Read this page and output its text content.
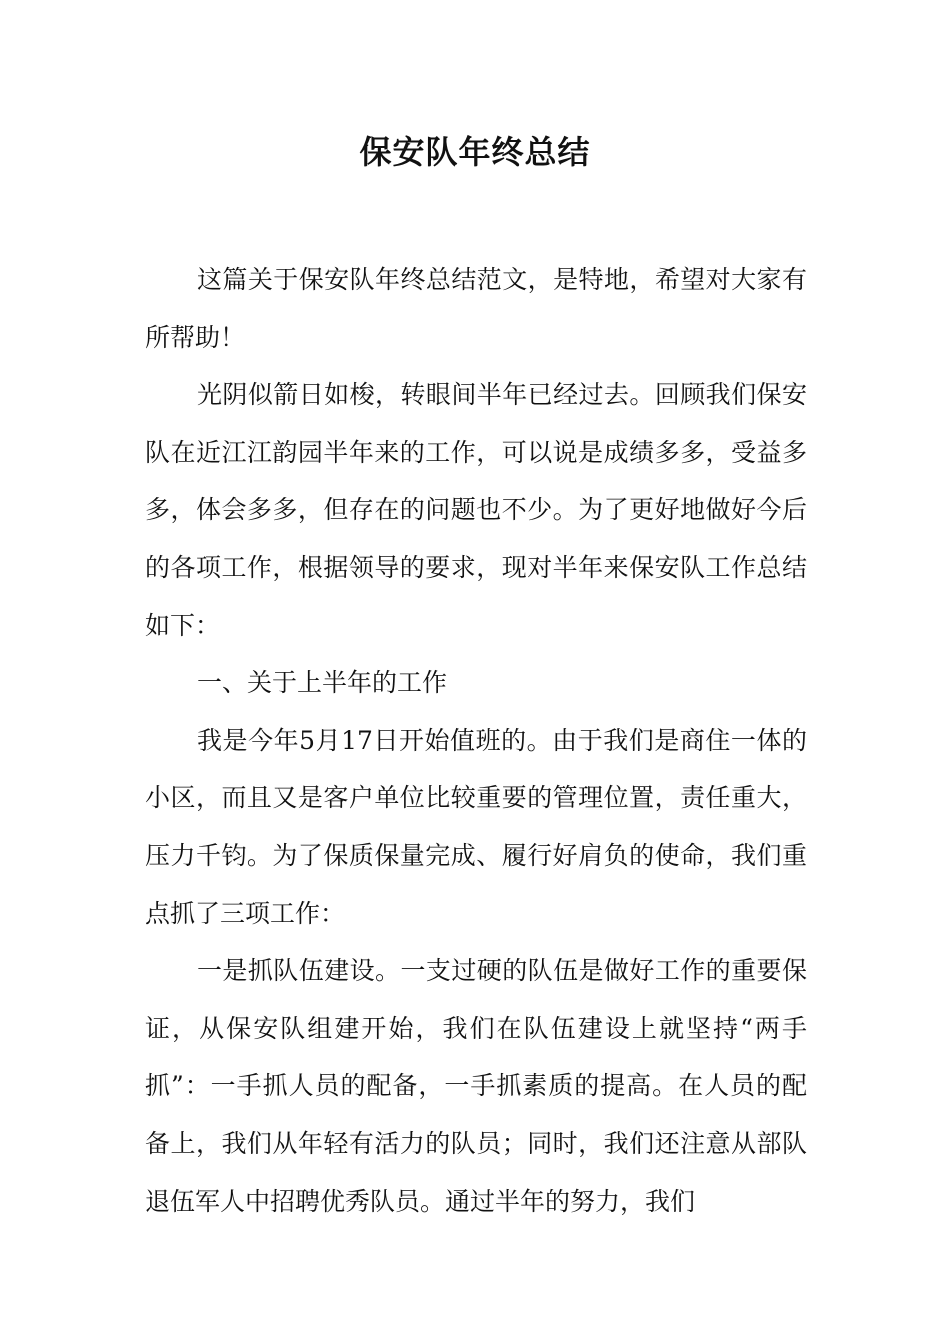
保安队年终总结

这篇关于保安队年终总结范文，是特地，希望对大家有所帮助！

光阴似箭日如梭，转眼间半年已经过去。回顾我们保安队在近江江韵园半年来的工作，可以说是成绩多多，受益多多，体会多多，但存在的问题也不少。为了更好地做好今后的各项工作，根据领导的要求，现对半年来保安队工作总结如下：

一、关于上半年的工作

我是今年5月17日开始值班的。由于我们是商住一体的小区，而且又是客户单位比较重要的管理位置，责任重大，压力千钧。为了保质保量完成、履行好肩负的使命，我们重点抓了三项工作：

一是抓队伍建设。一支过硬的队伍是做好工作的重要保证，从保安队组建开始，我们在队伍建设上就坚持“两手抓”：一手抓人员的配备，一手抓素质的提高。在人员的配备上，我们从年轻有活力的队员；同时，我们还注意从部队退伍军人中招聘优秀队员。通过半年的努力，我们
